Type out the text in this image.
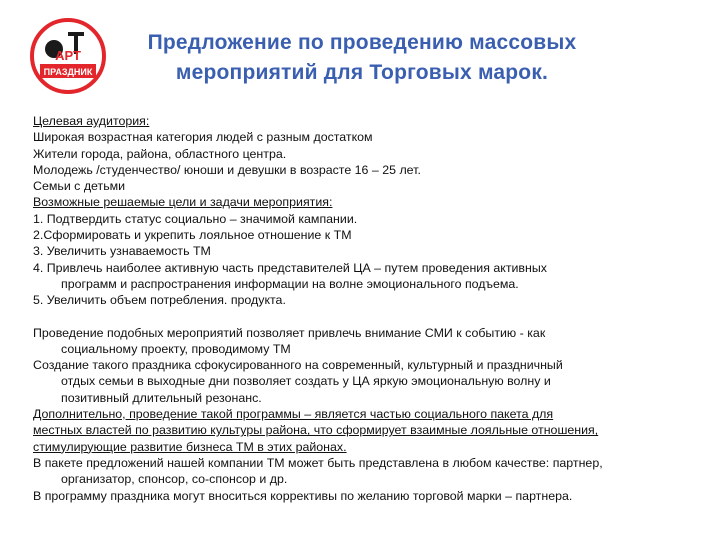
АРТ
ПРАЗДНИК
Предложение по проведению массовых
мероприятий для Торговых марок.
Целевая аудитория:
Широкая возрастная категория людей с разным достатком
Жители города, района, областного центра.
Молодежь /студенчество/ юноши и девушки в возрасте 16 – 25 лет.
Семьи с детьми
Возможные решаемые цели и задачи мероприятия:
1. Подтвердить статус социально – значимой кампании.
2.Сформировать и укрепить лояльное отношение к ТМ
3. Увеличить узнаваемость ТМ
4. Привлечь наиболее активную часть представителей ЦА – путем проведения активных
программ и распространения информации на волне эмоционального подъема.
5. Увеличить объем потребления. продукта.
Проведение подобных мероприятий позволяет привлечь внимание СМИ к событию - как
социальному проекту, проводимому ТМ
Создание такого праздника сфокусированного на современный, культурный и праздничный
отдых семьи в выходные дни позволяет создать у ЦА яркую эмоциональную волну и
позитивный длительный резонанс.
Дополнительно, проведение такой программы – является частью социального пакета для
местных властей по развитию культуры района, что сформирует взаимные лояльные отношения,
стимулирующие развитие бизнеса ТМ в этих районах.
В пакете предложений нашей компании ТМ может быть представлена в любом качестве: партнер,
организатор, спонсор, со-спонсор и др.
В программу праздника могут вноситься коррективы по желанию торговой марки – партнера.
